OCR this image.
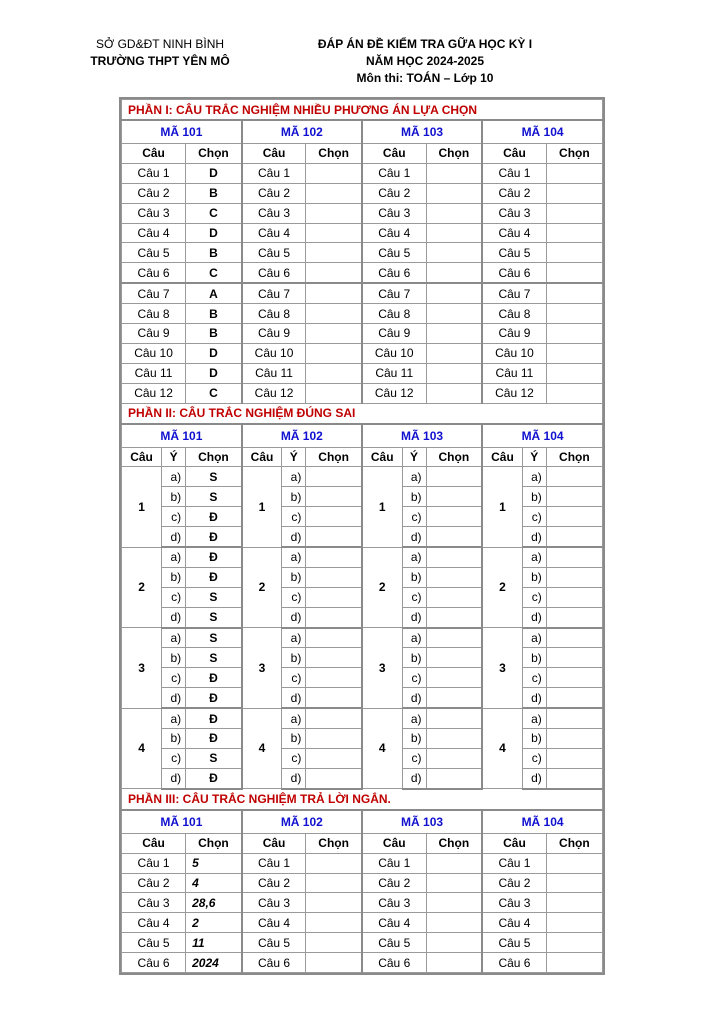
SỞ GD&ĐT NINH BÌNH
TRƯỜNG THPT YÊN MÔ
ĐÁP ÁN ĐỀ KIỂM TRA GỮA HỌC KỲ I
NĂM HỌC 2024-2025
Môn thi: TOÁN – Lớp 10
PHẦN I: CÂU TRẮC NGHIỆM NHIỀU PHƯƠNG ÁN LỰA CHỌN											
MÃ 101			MÃ 102			MÃ 103			MÃ 104		
Câu		Chọn	Câu		Chọn	Câu		Chọn	Câu		Chọn
Câu 1		D	Câu 1			Câu 1			Câu 1		
Câu 2		B	Câu 2			Câu 2			Câu 2		
Câu 3		C	Câu 3			Câu 3			Câu 3		
Câu 4		D	Câu 4			Câu 4			Câu 4		
Câu 5		B	Câu 5			Câu 5			Câu 5		
Câu 6		C	Câu 6			Câu 6			Câu 6		
Câu 7		A	Câu 7			Câu 7			Câu 7		
Câu 8		B	Câu 8			Câu 8			Câu 8		
Câu 9		B	Câu 9			Câu 9			Câu 9		
Câu 10		D	Câu 10			Câu 10			Câu 10		
Câu 11		D	Câu 11			Câu 11			Câu 11		
Câu 12		C	Câu 12			Câu 12			Câu 12		
PHẦN II: CÂU TRẮC NGHIỆM ĐÚNG SAI											
MÃ 101			MÃ 102			MÃ 103			MÃ 104		
Câu	Ý	Chọn	Câu	Ý	Chọn	Câu	Ý	Chọn	Câu	Ý	Chọn
1	a)	S	1	a)		1	a)		1	a)	
	b)	S		b)			b)			b)	
	c)	Đ		c)			c)			c)	
	d)	Đ		d)			d)			d)	
2	a)	Đ	2	a)		2	a)		2	a)	
	b)	Đ		b)			b)			b)	
	c)	S		c)			c)			c)	
	d)	S		d)			d)			d)	
3	a)	S	3	a)		3	a)		3	a)	
	b)	S		b)			b)			b)	
	c)	Đ		c)			c)			c)	
	d)	Đ		d)			d)			d)	
4	a)	Đ	4	a)		4	a)		4	a)	
	b)	Đ		b)			b)			b)	
	c)	S		c)			c)			c)	
	d)	Đ		d)			d)			d)	
PHẦN III: CÂU TRẮC NGHIỆM TRẢ LỜI NGẮN.											
MÃ 101			MÃ 102			MÃ 103			MÃ 104		
Câu		Chọn	Câu		Chọn	Câu		Chọn	Câu		Chọn
Câu 1		5	Câu 1			Câu 1			Câu 1		
Câu 2		4	Câu 2			Câu 2			Câu 2		
Câu 3		28,6	Câu 3			Câu 3			Câu 3		
Câu 4		2	Câu 4			Câu 4			Câu 4		
Câu 5		11	Câu 5			Câu 5			Câu 5		
Câu 6		2024	Câu 6			Câu 6			Câu 6		
